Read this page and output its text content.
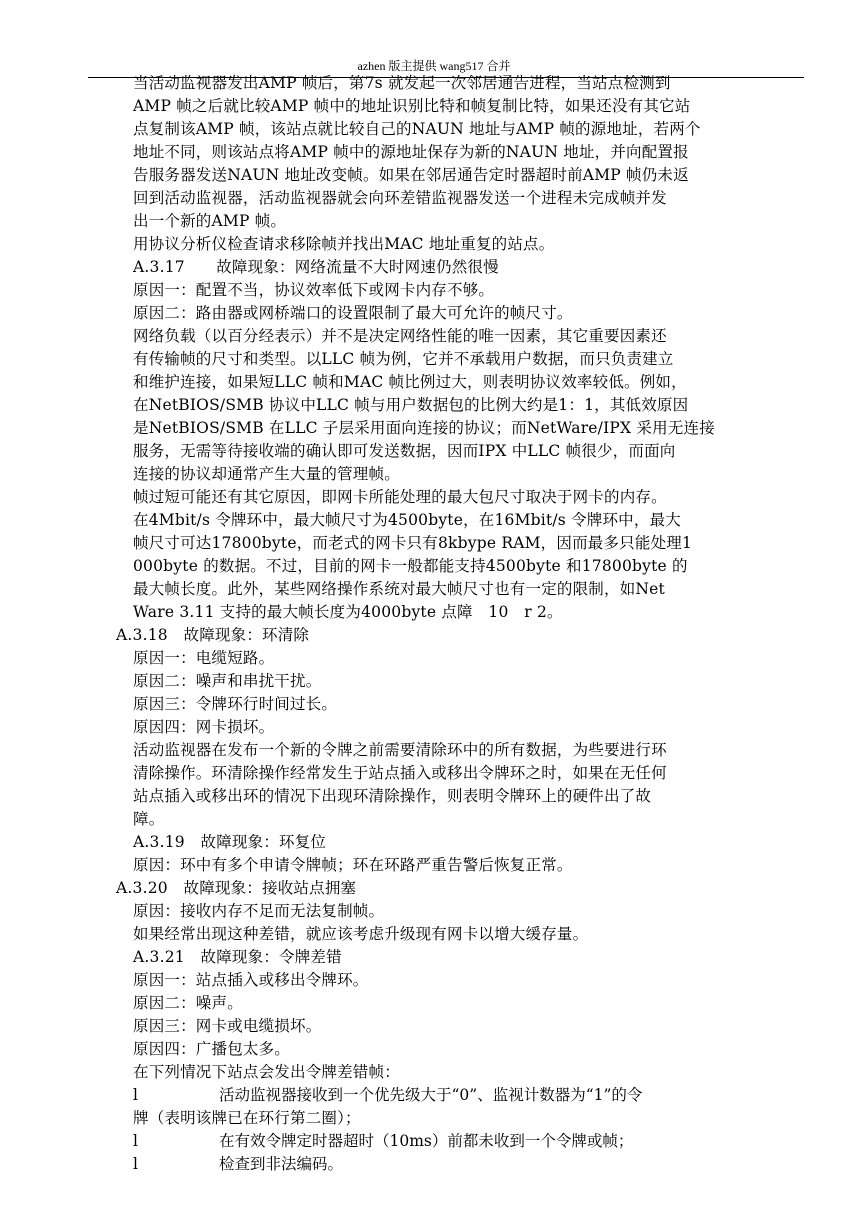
azhen 版主提供 wang517 合并
当活动监视器发出AMP 帧后，第7s 就发起一次邻居通告进程，当站点检测到
AMP 帧之后就比较AMP 帧中的地址识别比特和帧复制比特，如果还没有其它站
点复制该AMP 帧，该站点就比较自己的NAUN 地址与AMP 帧的源地址，若两个
地址不同，则该站点将AMP 帧中的源地址保存为新的NAUN 地址，并向配置报
告服务器发送NAUN 地址改变帧。如果在邻居通告定时器超时前AMP 帧仍未返
回到活动监视器，活动监视器就会向环差错监视器发送一个进程未完成帧并发
出一个新的AMP 帧。
用协议分析仪检查请求移除帧并找出MAC 地址重复的站点。
A.3.17　　故障现象：网络流量不大时网速仍然很慢
原因一：配置不当，协议效率低下或网卡内存不够。
原因二：路由器或网桥端口的设置限制了最大可允许的帧尺寸。
网络负载（以百分经表示）并不是决定网络性能的唯一因素，其它重要因素还
有传输帧的尺寸和类型。以LLC 帧为例，它并不承载用户数据，而只负责建立
和维护连接，如果短LLC 帧和MAC 帧比例过大，则表明协议效率较低。例如，
在NetBIOS/SMB 协议中LLC 帧与用户数据包的比例大约是1：1，其低效原因
是NetBIOS/SMB 在LLC 子层采用面向连接的协议；而NetWare/IPX 采用无连接
服务，无需等待接收端的确认即可发送数据，因而IPX 中LLC 帧很少，而面向
连接的协议却通常产生大量的管理帧。
帧过短可能还有其它原因，即网卡所能处理的最大包尺寸取决于网卡的内存。
在4Mbit/s 令牌环中，最大帧尺寸为4500byte，在16Mbit/s 令牌环中，最大
帧尺寸可达17800byte，而老式的网卡只有8kbype RAM，因而最多只能处理1
000byte 的数据。不过，目前的网卡一般都能支持4500byte 和17800byte 的
最大帧长度。此外，某些网络操作系统对最大帧尺寸也有一定的限制，如Net
Ware 3.11 支持的最大帧长度为4000byte 点障　10　r 2。
A.3.18　故障现象：环清除
原因一：电缆短路。
原因二：噪声和串扰干扰。
原因三：令牌环行时间过长。
原因四：网卡损坏。
活动监视器在发布一个新的令牌之前需要清除环中的所有数据，为些要进行环
清除操作。环清除操作经常发生于站点插入或移出令牌环之时，如果在无任何
站点插入或移出环的情况下出现环清除操作，则表明令牌环上的硬件出了故
障。
A.3.19　故障现象：环复位
原因：环中有多个申请令牌帧；环在环路严重告警后恢复正常。
A.3.20　故障现象：接收站点拥塞
原因：接收内存不足而无法复制帧。
如果经常出现这种差错，就应该考虑升级现有网卡以增大缓存量。
A.3.21　故障现象：令牌差错
原因一：站点插入或移出令牌环。
原因二：噪声。
原因三：网卡或电缆损坏。
原因四：广播包太多。
在下列情况下站点会发出令牌差错帧：
l	活动监视器接收到一个优先级大于“0”、监视计数器为“1”的令
牌（表明该牌已在环行第二圈）；
l	在有效令牌定时器超时（10ms）前都未收到一个令牌或帧；
l	检查到非法编码。
